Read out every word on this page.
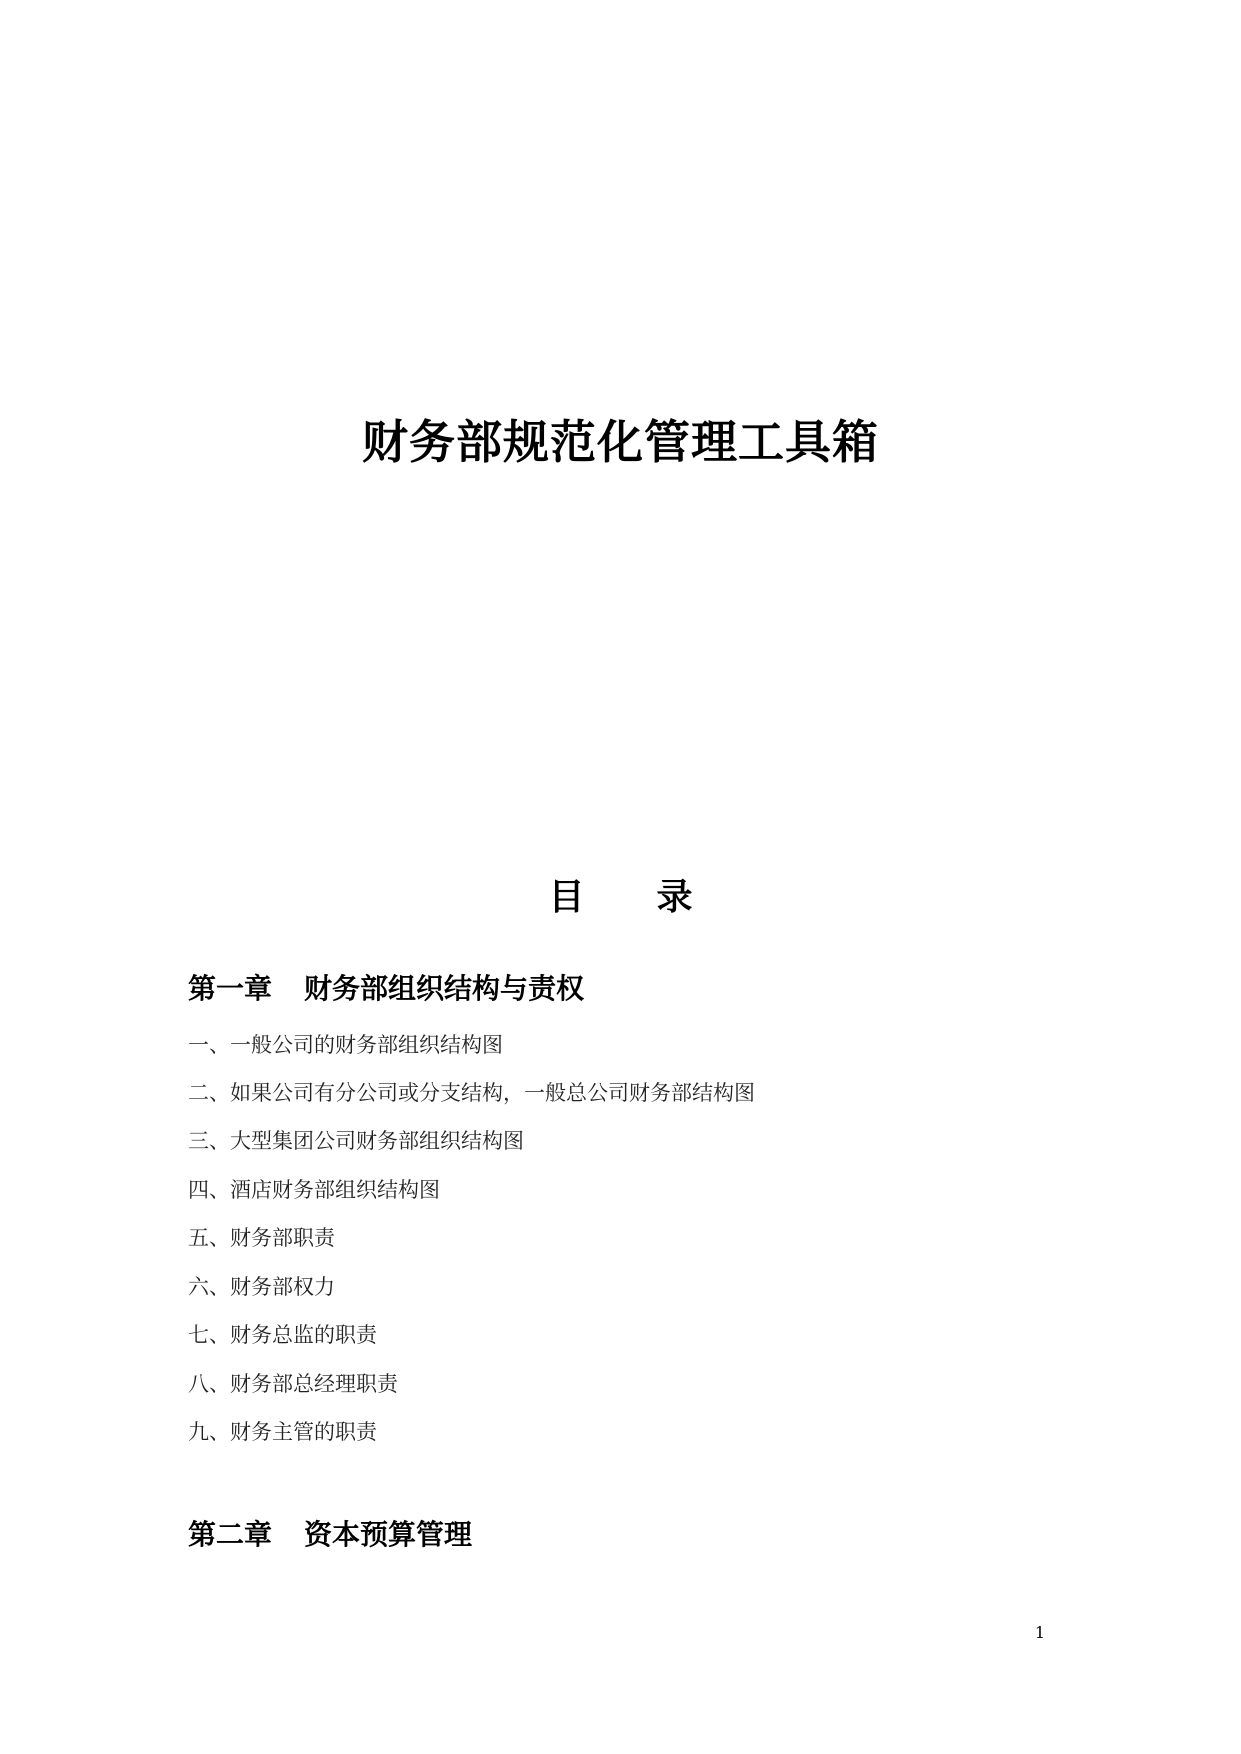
财务部规范化管理工具箱
目 录
第一章 财务部组织结构与责权
一、一般公司的财务部组织结构图
二、如果公司有分公司或分支结构，一般总公司财务部结构图
三、大型集团公司财务部组织结构图
四、酒店财务部组织结构图
五、财务部职责
六、财务部权力
七、财务总监的职责
八、财务部总经理职责
九、财务主管的职责
第二章 资本预算管理
1
